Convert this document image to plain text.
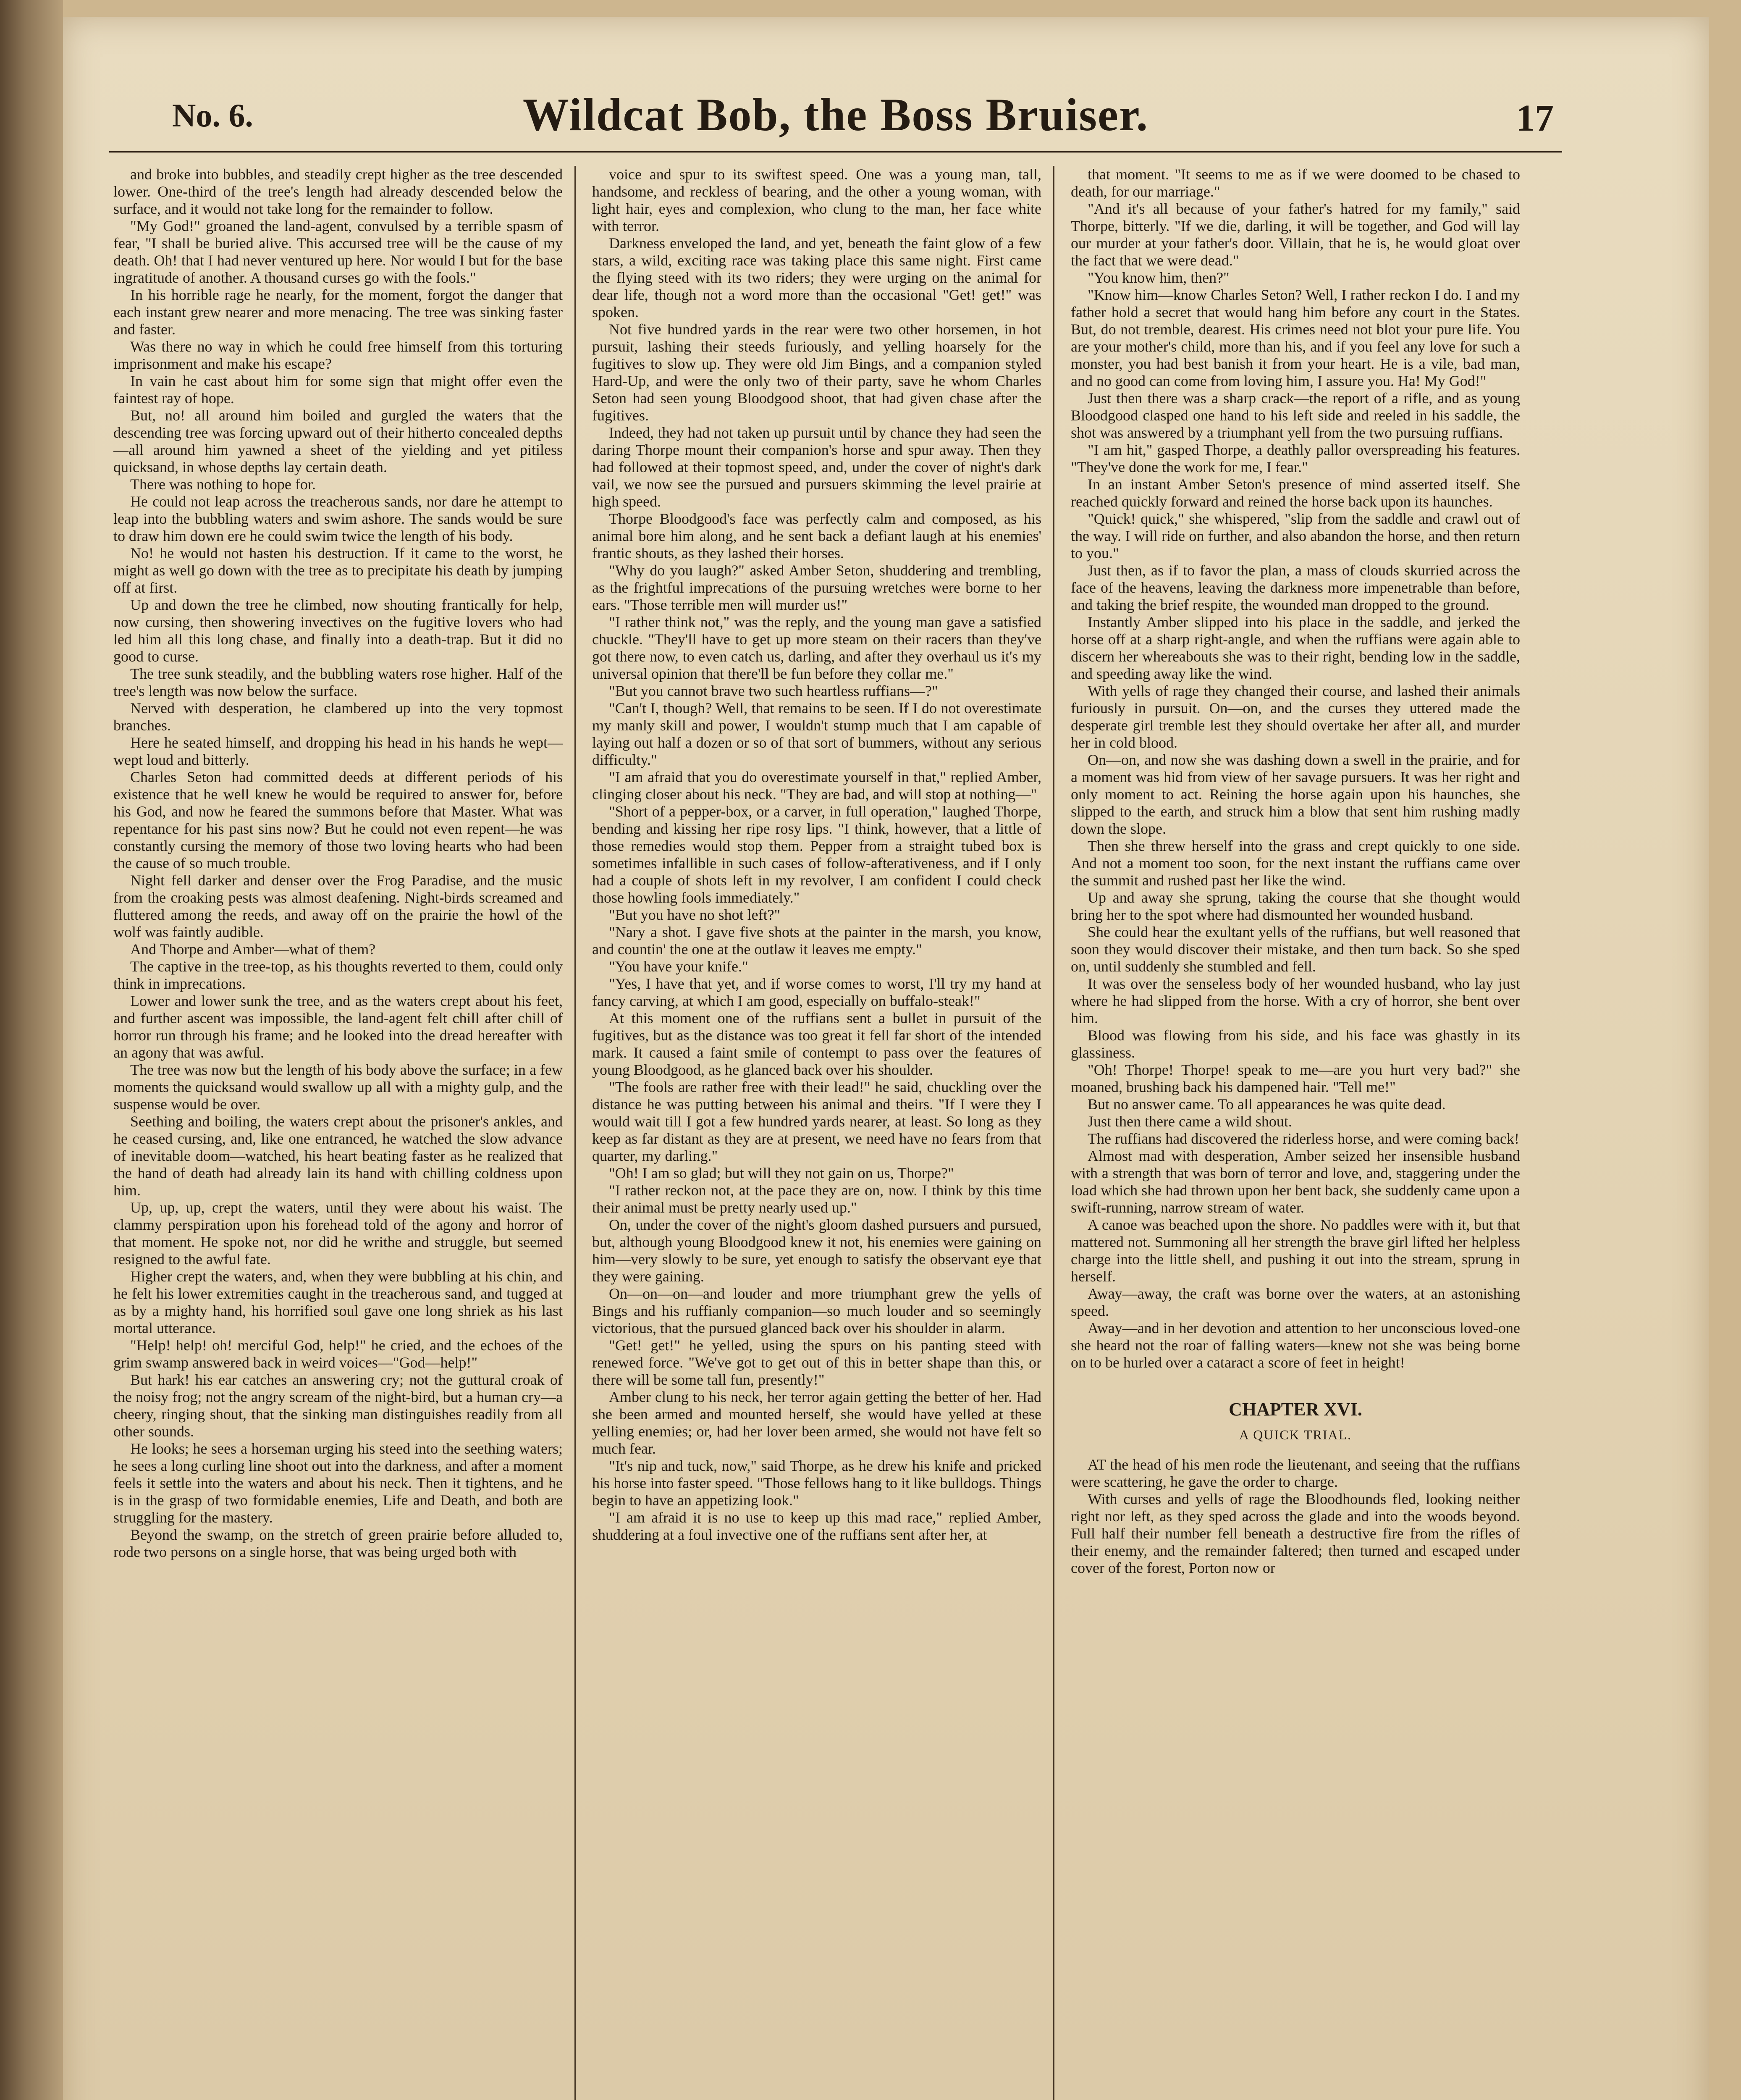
No. 6.	Wildcat Bob, the Boss Bruiser.	17

and broke into bubbles, and steadily crept higher as the tree descended lower. One-third of the tree's length had already descended below the surface, and it would not take long for the remainder to follow.

"My God!" groaned the land-agent, convulsed by a terrible spasm of fear, "I shall be buried alive. This accursed tree will be the cause of my death. Oh! that I had never ventured up here. Nor would I but for the base ingratitude of another. A thousand curses go with the fools."

In his horrible rage he nearly, for the moment, forgot the danger that each instant grew nearer and more menacing. The tree was sinking faster and faster.

Was there no way in which he could free himself from this torturing imprisonment and make his escape?

In vain he cast about him for some sign that might offer even the faintest ray of hope.

But, no! all around him boiled and gurgled the waters that the descending tree was forcing upward out of their hitherto concealed depths—all around him yawned a sheet of the yielding and yet pitiless quicksand, in whose depths lay certain death.

There was nothing to hope for.

He could not leap across the treacherous sands, nor dare he attempt to leap into the bubbling waters and swim ashore. The sands would be sure to draw him down ere he could swim twice the length of his body.

No! he would not hasten his destruction. If it came to the worst, he might as well go down with the tree as to precipitate his death by jumping off at first.

Up and down the tree he climbed, now shouting frantically for help, now cursing, then showering invectives on the fugitive lovers who had led him all this long chase, and finally into a death-trap. But it did no good to curse.

The tree sunk steadily, and the bubbling waters rose higher. Half of the tree's length was now below the surface.

Nerved with desperation, he clambered up into the very topmost branches.

Here he seated himself, and dropping his head in his hands he wept—wept loud and bitterly.

Charles Seton had committed deeds at different periods of his existence that he well knew he would be required to answer for, before his God, and now he feared the summons before that Master. What was repentance for his past sins now? But he could not even repent—he was constantly cursing the memory of those two loving hearts who had been the cause of so much trouble.

Night fell darker and denser over the Frog Paradise, and the music from the croaking pests was almost deafening. Night-birds screamed and fluttered among the reeds, and away off on the prairie the howl of the wolf was faintly audible.

And Thorpe and Amber—what of them?

The captive in the tree-top, as his thoughts reverted to them, could only think in imprecations.

Lower and lower sunk the tree, and as the waters crept about his feet, and further ascent was impossible, the land-agent felt chill after chill of horror run through his frame; and he looked into the dread hereafter with an agony that was awful.

The tree was now but the length of his body above the surface; in a few moments the quicksand would swallow up all with a mighty gulp, and the suspense would be over.

Seething and boiling, the waters crept about the prisoner's ankles, and he ceased cursing, and, like one entranced, he watched the slow advance of inevitable doom—watched, his heart beating faster as he realized that the hand of death had already lain its hand with chilling coldness upon him.

Up, up, up, crept the waters, until they were about his waist. The clammy perspiration upon his forehead told of the agony and horror of that moment. He spoke not, nor did he writhe and struggle, but seemed resigned to the awful fate.

Higher crept the waters, and, when they were bubbling at his chin, and he felt his lower extremities caught in the treacherous sand, and tugged at as by a mighty hand, his horrified soul gave one long shriek as his last mortal utterance.

"Help! help! oh! merciful God, help!" he cried, and the echoes of the grim swamp answered back in weird voices—"God—help!"

But hark! his ear catches an answering cry; not the guttural croak of the noisy frog; not the angry scream of the night-bird, but a human cry—a cheery, ringing shout, that the sinking man distinguishes readily from all other sounds.

He looks; he sees a horseman urging his steed into the seething waters; he sees a long curling line shoot out into the darkness, and after a moment feels it settle into the waters and about his neck. Then it tightens, and he is in the grasp of two formidable enemies, Life and Death, and both are struggling for the mastery.

Beyond the swamp, on the stretch of green prairie before alluded to, rode two persons on a single horse, that was being urged both with

voice and spur to its swiftest speed. One was a young man, tall, handsome, and reckless of bearing, and the other a young woman, with light hair, eyes and complexion, who clung to the man, her face white with terror.

Darkness enveloped the land, and yet, beneath the faint glow of a few stars, a wild, exciting race was taking place this same night. First came the flying steed with its two riders; they were urging on the animal for dear life, though not a word more than the occasional "Get! get!" was spoken.

Not five hundred yards in the rear were two other horsemen, in hot pursuit, lashing their steeds furiously, and yelling hoarsely for the fugitives to slow up. They were old Jim Bings, and a companion styled Hard-Up, and were the only two of their party, save he whom Charles Seton had seen young Bloodgood shoot, that had given chase after the fugitives.

Indeed, they had not taken up pursuit until by chance they had seen the daring Thorpe mount their companion's horse and spur away. Then they had followed at their topmost speed, and, under the cover of night's dark vail, we now see the pursued and pursuers skimming the level prairie at high speed.

Thorpe Bloodgood's face was perfectly calm and composed, as his animal bore him along, and he sent back a defiant laugh at his enemies' frantic shouts, as they lashed their horses.

"Why do you laugh?" asked Amber Seton, shuddering and trembling, as the frightful imprecations of the pursuing wretches were borne to her ears. "Those terrible men will murder us!"

"I rather think not," was the reply, and the young man gave a satisfied chuckle. "They'll have to get up more steam on their racers than they've got there now, to even catch us, darling, and after they overhaul us it's my universal opinion that there'll be fun before they collar me."

"But you cannot brave two such heartless ruffians—?"

"Can't I, though? Well, that remains to be seen. If I do not overestimate my manly skill and power, I wouldn't stump much that I am capable of laying out half a dozen or so of that sort of bummers, without any serious difficulty."

"I am afraid that you do overestimate yourself in that," replied Amber, clinging closer about his neck. "They are bad, and will stop at nothing—"

"Short of a pepper-box, or a carver, in full operation," laughed Thorpe, bending and kissing her ripe rosy lips. "I think, however, that a little of those remedies would stop them. Pepper from a straight tubed box is sometimes infallible in such cases of follow-afterativeness, and if I only had a couple of shots left in my revolver, I am confident I could check those howling fools immediately."

"But you have no shot left?"

"Nary a shot. I gave five shots at the painter in the marsh, you know, and countin' the one at the outlaw it leaves me empty."

"You have your knife."

"Yes, I have that yet, and if worse comes to worst, I'll try my hand at fancy carving, at which I am good, especially on buffalo-steak!"

At this moment one of the ruffians sent a bullet in pursuit of the fugitives, but as the distance was too great it fell far short of the intended mark. It caused a faint smile of contempt to pass over the features of young Bloodgood, as he glanced back over his shoulder.

"The fools are rather free with their lead!" he said, chuckling over the distance he was putting between his animal and theirs. "If I were they I would wait till I got a few hundred yards nearer, at least. So long as they keep as far distant as they are at present, we need have no fears from that quarter, my darling."

"Oh! I am so glad; but will they not gain on us, Thorpe?"

"I rather reckon not, at the pace they are on, now. I think by this time their animal must be pretty nearly used up."

On, under the cover of the night's gloom dashed pursuers and pursued, but, although young Bloodgood knew it not, his enemies were gaining on him—very slowly to be sure, yet enough to satisfy the observant eye that they were gaining.

On—on—on—and louder and more triumphant grew the yells of Bings and his ruffianly companion—so much louder and so seemingly victorious, that the pursued glanced back over his shoulder in alarm.

"Get! get!" he yelled, using the spurs on his panting steed with renewed force. "We've got to get out of this in better shape than this, or there will be some tall fun, presently!"

Amber clung to his neck, her terror again getting the better of her. Had she been armed and mounted herself, she would have yelled at these yelling enemies; or, had her lover been armed, she would not have felt so much fear.

"It's nip and tuck, now," said Thorpe, as he drew his knife and pricked his horse into faster speed. "Those fellows hang to it like bulldogs. Things begin to have an appetizing look."

"I am afraid it is no use to keep up this mad race," replied Amber, shuddering at a foul invective one of the ruffians sent after her, at

that moment. "It seems to me as if we were doomed to be chased to death, for our marriage."

"And it's all because of your father's hatred for my family," said Thorpe, bitterly. "If we die, darling, it will be together, and God will lay our murder at your father's door. Villain, that he is, he would gloat over the fact that we were dead."

"You know him, then?"

"Know him—know Charles Seton? Well, I rather reckon I do. I and my father hold a secret that would hang him before any court in the States. But, do not tremble, dearest. His crimes need not blot your pure life. You are your mother's child, more than his, and if you feel any love for such a monster, you had best banish it from your heart. He is a vile, bad man, and no good can come from loving him, I assure you. Ha! My God!"

Just then there was a sharp crack—the report of a rifle, and as young Bloodgood clasped one hand to his left side and reeled in his saddle, the shot was answered by a triumphant yell from the two pursuing ruffians.

"I am hit," gasped Thorpe, a deathly pallor overspreading his features. "They've done the work for me, I fear."

In an instant Amber Seton's presence of mind asserted itself. She reached quickly forward and reined the horse back upon its haunches.

"Quick! quick," she whispered, "slip from the saddle and crawl out of the way. I will ride on further, and also abandon the horse, and then return to you."

Just then, as if to favor the plan, a mass of clouds skurried across the face of the heavens, leaving the darkness more impenetrable than before, and taking the brief respite, the wounded man dropped to the ground.

Instantly Amber slipped into his place in the saddle, and jerked the horse off at a sharp right-angle, and when the ruffians were again able to discern her whereabouts she was to their right, bending low in the saddle, and speeding away like the wind.

With yells of rage they changed their course, and lashed their animals furiously in pursuit. On—on, and the curses they uttered made the desperate girl tremble lest they should overtake her after all, and murder her in cold blood.

On—on, and now she was dashing down a swell in the prairie, and for a moment was hid from view of her savage pursuers. It was her right and only moment to act. Reining the horse again upon his haunches, she slipped to the earth, and struck him a blow that sent him rushing madly down the slope.

Then she threw herself into the grass and crept quickly to one side. And not a moment too soon, for the next instant the ruffians came over the summit and rushed past her like the wind.

Up and away she sprung, taking the course that she thought would bring her to the spot where had dismounted her wounded husband.

She could hear the exultant yells of the ruffians, but well reasoned that soon they would discover their mistake, and then turn back. So she sped on, until suddenly she stumbled and fell.

It was over the senseless body of her wounded husband, who lay just where he had slipped from the horse. With a cry of horror, she bent over him.

Blood was flowing from his side, and his face was ghastly in its glassiness.

"Oh! Thorpe! Thorpe! speak to me—are you hurt very bad?" she moaned, brushing back his dampened hair. "Tell me!"

But no answer came. To all appearances he was quite dead.

Just then there came a wild shout.

The ruffians had discovered the riderless horse, and were coming back!

Almost mad with desperation, Amber seized her insensible husband with a strength that was born of terror and love, and, staggering under the load which she had thrown upon her bent back, she suddenly came upon a swift-running, narrow stream of water.

A canoe was beached upon the shore. No paddles were with it, but that mattered not. Summoning all her strength the brave girl lifted her helpless charge into the little shell, and pushing it out into the stream, sprung in herself.

Away—away, the craft was borne over the waters, at an astonishing speed.

Away—and in her devotion and attention to her unconscious loved-one she heard not the roar of falling waters—knew not she was being borne on to be hurled over a cataract a score of feet in height!

CHAPTER XVI.
A QUICK TRIAL.

AT the head of his men rode the lieutenant, and seeing that the ruffians were scattering, he gave the order to charge.

With curses and yells of rage the Bloodhounds fled, looking neither right nor left, as they sped across the glade and into the woods beyond. Full half their number fell beneath a destructive fire from the rifles of their enemy, and the remainder faltered; then turned and escaped under cover of the forest, Porton now or
